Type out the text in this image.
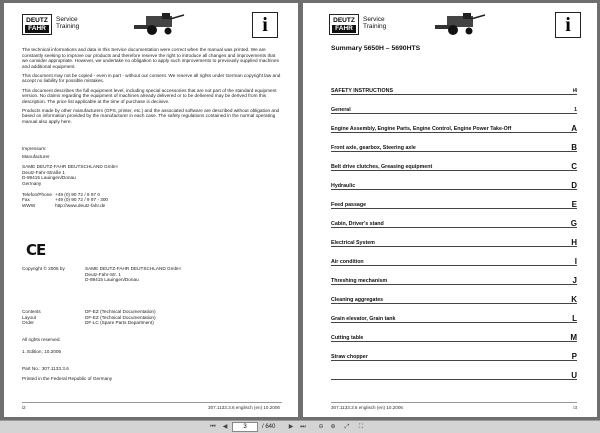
DEUTZ
FAHR
Service
Training	i

The technical informations and data in this Service documentation were correct when the manual was printed. We are constantly seeking to improve our products and therefore reserve the right to introduce all changes and improvements that we consider appropriate. However, we undertake no obligation to apply such improvements to previously supplied machines and additional equipment.

This document may not be copied - even in part - without our consent. We reserve all rights under German copyright law and accept no liability for possible mistakes.

This document describes the full equipment level, including special accessories that are not part of the standard equipment version. No claims regarding the equipment of machines already delivered or to be delivered may be derived from this description. The price list applicable at the time of purchase is decisive.

Products made by other manufacturers (GPS, printer, etc.) and the associated software are described without obligation and based on information provided by the manufacturer in each case. The safety regulations contained in the normal operating manual also apply here.

Impressum:
Manufacturer
SAME DEUTZ-FAHR DEUTSCHLAND GmbH
Deutz-Fahr-Straße 1
D-89415 Lauingen/Donau
Germany
Telefon/Phone +49 (0) 90 72 / 9 97 0
Fax	+49 (0) 90 72 / 9 97 - 300
WWW	http://www.deutz-fahr.de
CE
Copyright © 2006 by	SAME DEUTZ-FAHR DEUTSCHLAND GmbH
Deutz-Fahr-Str. 1
D-89415 Lauingen/Donau
Contents	DF-EZ (Technical Documentation)
Layout	DF-EZ (Technical Documentation)
Order	DF-LC (Spare Parts Department)
All rights reserved.
1. Edition, 10.2006
Part No.: 307.1133.3.6
Printed in the Federal Republic of Germany
i2	307.1133.3.6 englisch (en) 10.2006
DEUTZ
FAHR
Service
Training	i
Summary 5650H – 5690HTS
SAFETY INSTRUCTIONS	i4
General	1
Engine Assembly, Engine Parts, Engine Control, Engine Power Take-Off	A
Front axle, gearbox, Steering axle	B
Belt drive clutches, Greasing equipment	C
Hydraulic	D
Feed passage	E
Cabin, Driver's stand	G
Electrical System	H
Air condition	I
Threshing mechanism	J
Cleaning aggregates	K
Grain elevator, Grain tank	L
Cutting table	M
Straw chopper	P
U
307.1133.3.6 englisch (en) 10.2006	i3
⏮	◀	3	/ 640	▶	⏭	⊖	⊕	⤢	⛶
